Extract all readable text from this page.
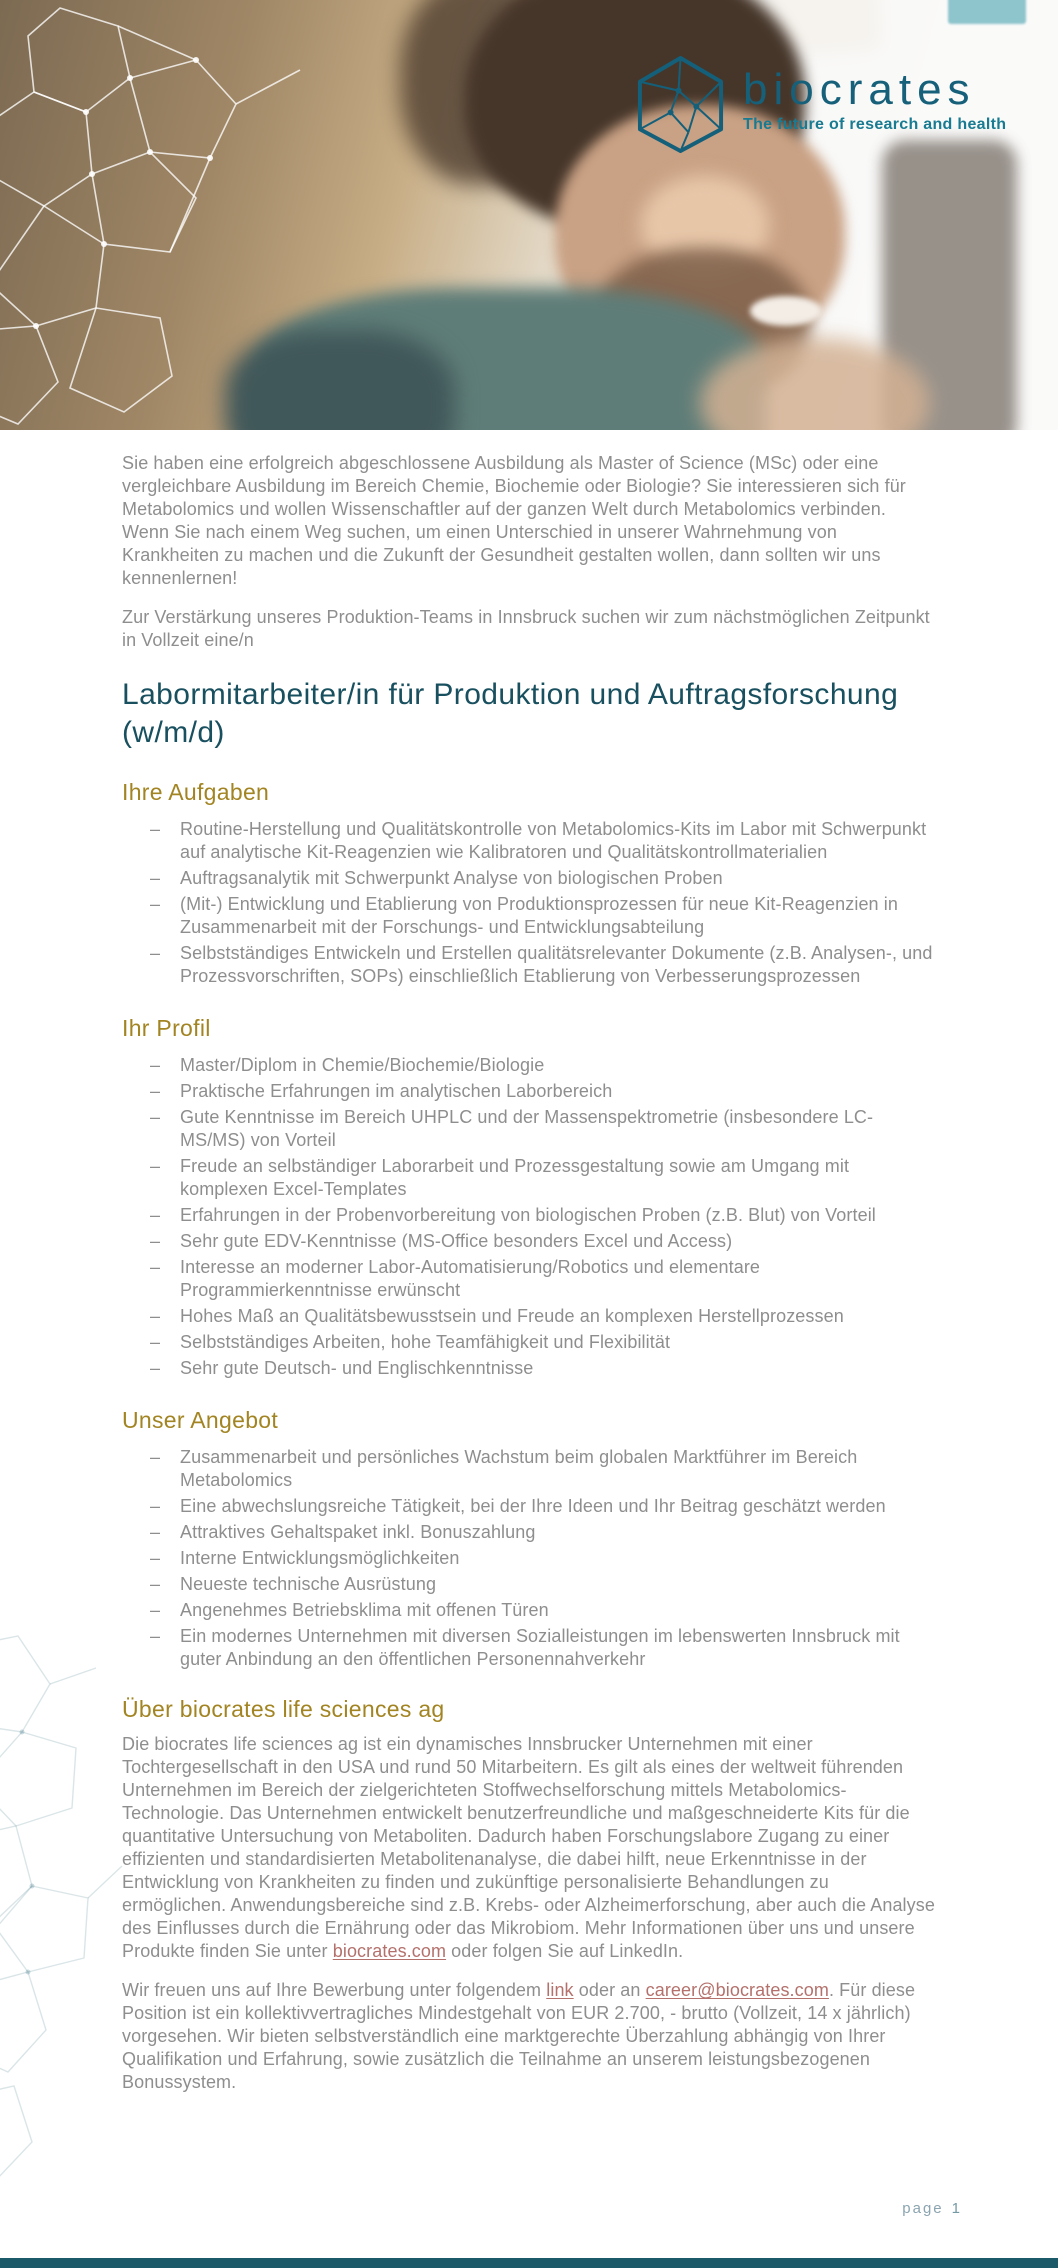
biocrates
The future of research and health

Sie haben eine erfolgreich abgeschlossene Ausbildung als Master of Science (MSc) oder eine vergleichbare Ausbildung im Bereich Chemie, Biochemie oder Biologie? Sie interessieren sich für Metabolomics und wollen Wissenschaftler auf der ganzen Welt durch Metabolomics verbinden. Wenn Sie nach einem Weg suchen, um einen Unterschied in unserer Wahrnehmung von Krankheiten zu machen und die Zukunft der Gesundheit gestalten wollen, dann sollten wir uns kennenlernen!

Zur Verstärkung unseres Produktion-Teams in Innsbruck suchen wir zum nächstmöglichen Zeitpunkt in Vollzeit eine/n

Labormitarbeiter/in für Produktion und Auftragsforschung (w/m/d)
Ihre Aufgaben
–	Routine-Herstellung und Qualitätskontrolle von Metabolomics-Kits im Labor mit Schwerpunkt auf analytische Kit-Reagenzien wie Kalibratoren und Qualitätskontrollmaterialien
–	Auftragsanalytik mit Schwerpunkt Analyse von biologischen Proben
–	(Mit-) Entwicklung und Etablierung von Produktionsprozessen für neue Kit-Reagenzien in Zusammenarbeit mit der Forschungs- und Entwicklungsabteilung
–	Selbstständiges Entwickeln und Erstellen qualitätsrelevanter Dokumente (z.B. Analysen-, und Prozessvorschriften, SOPs) einschließlich Etablierung von Verbesserungsprozessen
Ihr Profil
–	Master/Diplom in Chemie/Biochemie/Biologie
–	Praktische Erfahrungen im analytischen Laborbereich
–	Gute Kenntnisse im Bereich UHPLC und der Massenspektrometrie (insbesondere LC-MS/MS) von Vorteil
–	Freude an selbständiger Laborarbeit und Prozessgestaltung sowie am Umgang mit komplexen Excel-Templates
–	Erfahrungen in der Probenvorbereitung von biologischen Proben (z.B. Blut) von Vorteil
–	Sehr gute EDV-Kenntnisse (MS-Office besonders Excel und Access)
–	Interesse an moderner Labor-Automatisierung/Robotics und elementare Programmierkenntnisse erwünscht
–	Hohes Maß an Qualitätsbewusstsein und Freude an komplexen Herstellprozessen
–	Selbstständiges Arbeiten, hohe Teamfähigkeit und Flexibilität
–	Sehr gute Deutsch- und Englischkenntnisse
Unser Angebot
–	Zusammenarbeit und persönliches Wachstum beim globalen Marktführer im Bereich Metabolomics
–	Eine abwechslungsreiche Tätigkeit, bei der Ihre Ideen und Ihr Beitrag geschätzt werden
–	Attraktives Gehaltspaket inkl. Bonuszahlung
–	Interne Entwicklungsmöglichkeiten
–	Neueste technische Ausrüstung
–	Angenehmes Betriebsklima mit offenen Türen
–	Ein modernes Unternehmen mit diversen Sozialleistungen im lebenswerten Innsbruck mit guter Anbindung an den öffentlichen Personennahverkehr
Über biocrates life sciences ag

Die biocrates life sciences ag ist ein dynamisches Innsbrucker Unternehmen mit einer Tochtergesellschaft in den USA und rund 50 Mitarbeitern. Es gilt als eines der weltweit führenden Unternehmen im Bereich der zielgerichteten Stoffwechselforschung mittels Metabolomics-Technologie. Das Unternehmen entwickelt benutzerfreundliche und maßgeschneiderte Kits für die quantitative Untersuchung von Metaboliten. Dadurch haben Forschungslabore Zugang zu einer effizienten und standardisierten Metabolitenanalyse, die dabei hilft, neue Erkenntnisse in der Entwicklung von Krankheiten zu finden und zukünftige personalisierte Behandlungen zu ermöglichen. Anwendungsbereiche sind z.B. Krebs- oder Alzheimerforschung, aber auch die Analyse des Einflusses durch die Ernährung oder das Mikrobiom. Mehr Informationen über uns und unsere Produkte finden Sie unter biocrates.com oder folgen Sie auf LinkedIn.

Wir freuen uns auf Ihre Bewerbung unter folgendem link oder an career@biocrates.com. Für diese Position ist ein kollektivvertragliches Mindestgehalt von EUR 2.700, - brutto (Vollzeit, 14 x jährlich) vorgesehen. Wir bieten selbstverständlich eine marktgerechte Überzahlung abhängig von Ihrer Qualifikation und Erfahrung, sowie zusätzlich die Teilnahme an unserem leistungsbezogenen Bonussystem.

page 1
